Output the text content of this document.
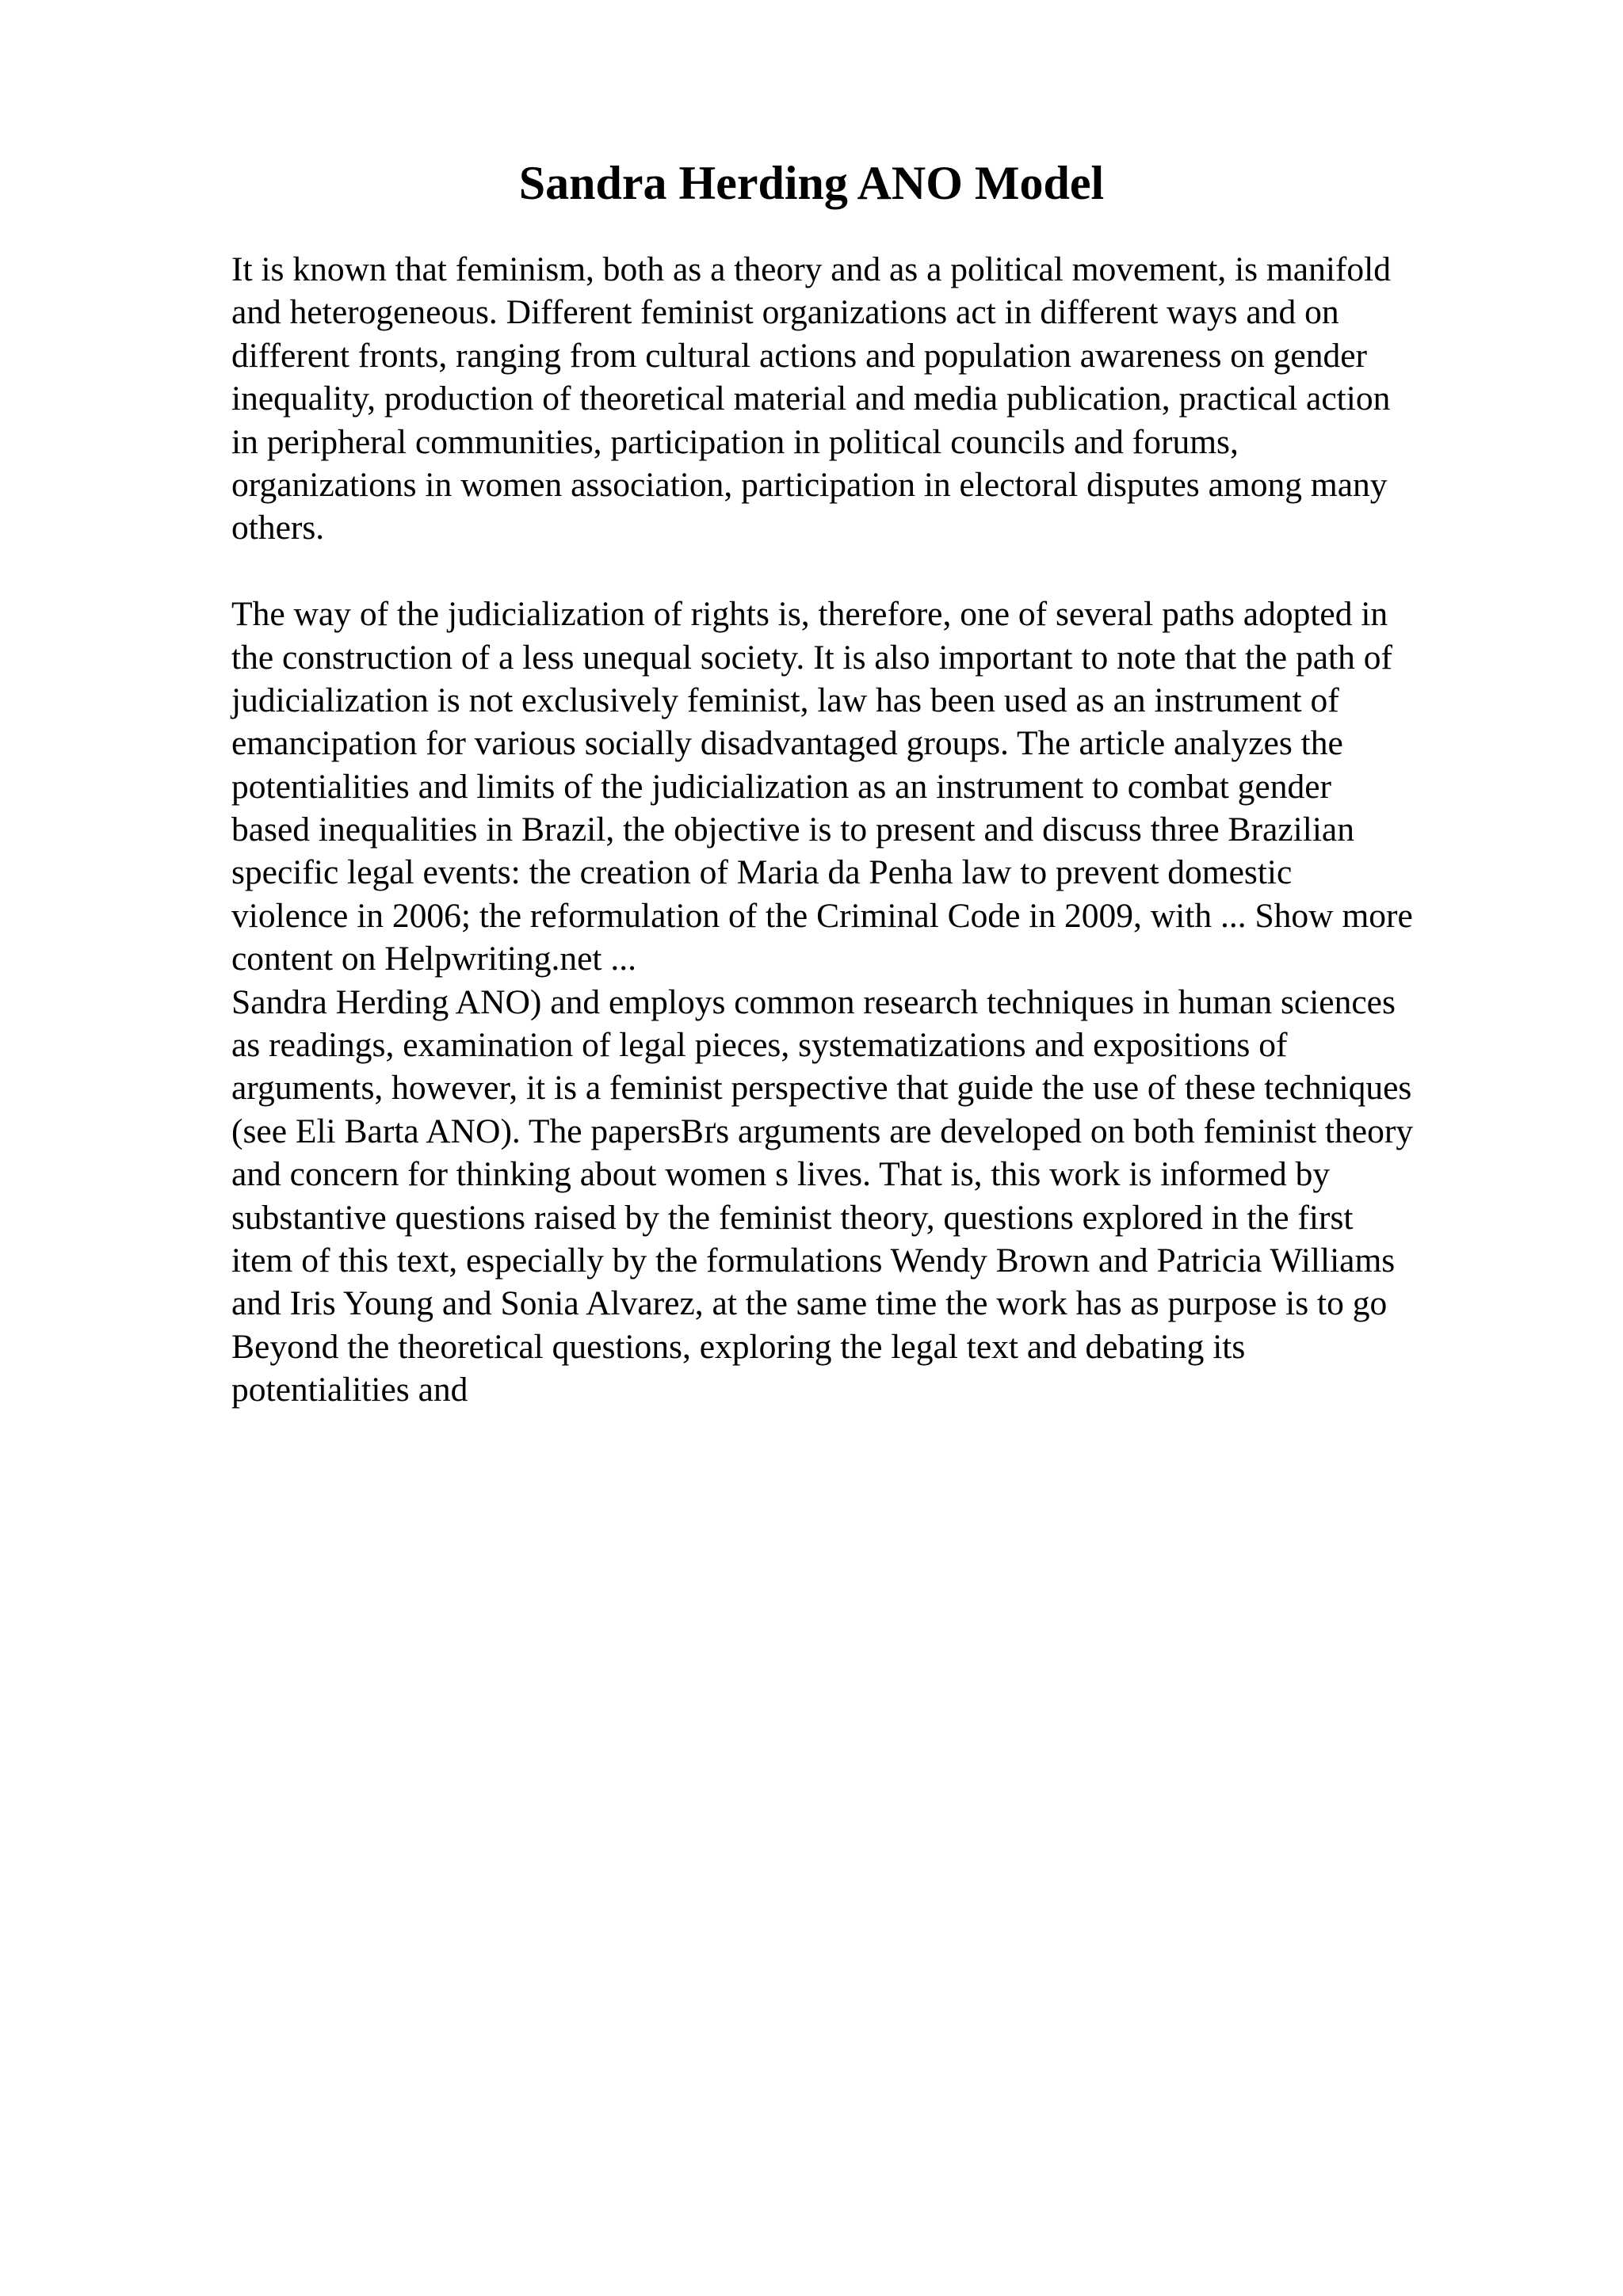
Sandra Herding ANO Model
It is known that feminism, both as a theory and as a political movement, is manifold
and heterogeneous. Different feminist organizations act in different ways and on
different fronts, ranging from cultural actions and population awareness on gender
inequality, production of theoretical material and media publication, practical action
in peripheral communities, participation in political councils and forums,
organizations in women association, participation in electoral disputes among many
others.
The way of the judicialization of rights is, therefore, one of several paths adopted in
the construction of a less unequal society. It is also important to note that the path of
judicialization is not exclusively feminist, law has been used as an instrument of
emancipation for various socially disadvantaged groups. The article analyzes the
potentialities and limits of the judicialization as an instrument to combat gender
based inequalities in Brazil, the objective is to present and discuss three Brazilian
specific legal events: the creation of Maria da Penha law to prevent domestic
violence in 2006; the reformulation of the Criminal Code in 2009, with ... Show more
content on Helpwriting.net ...
Sandra Herding ANO) and employs common research techniques in human sciences
as readings, examination of legal pieces, systematizations and expositions of
arguments, however, it is a feminist perspective that guide the use of these techniques
(see Eli Barta ANO). The papersBґs arguments are developed on both feminist theory
and concern for thinking about women s lives. That is, this work is informed by
substantive questions raised by the feminist theory, questions explored in the first
item of this text, especially by the formulations Wendy Brown and Patricia Williams
and Iris Young and Sonia Alvarez, at the same time the work has as purpose is to go
Beyond the theoretical questions, exploring the legal text and debating its
potentialities and
